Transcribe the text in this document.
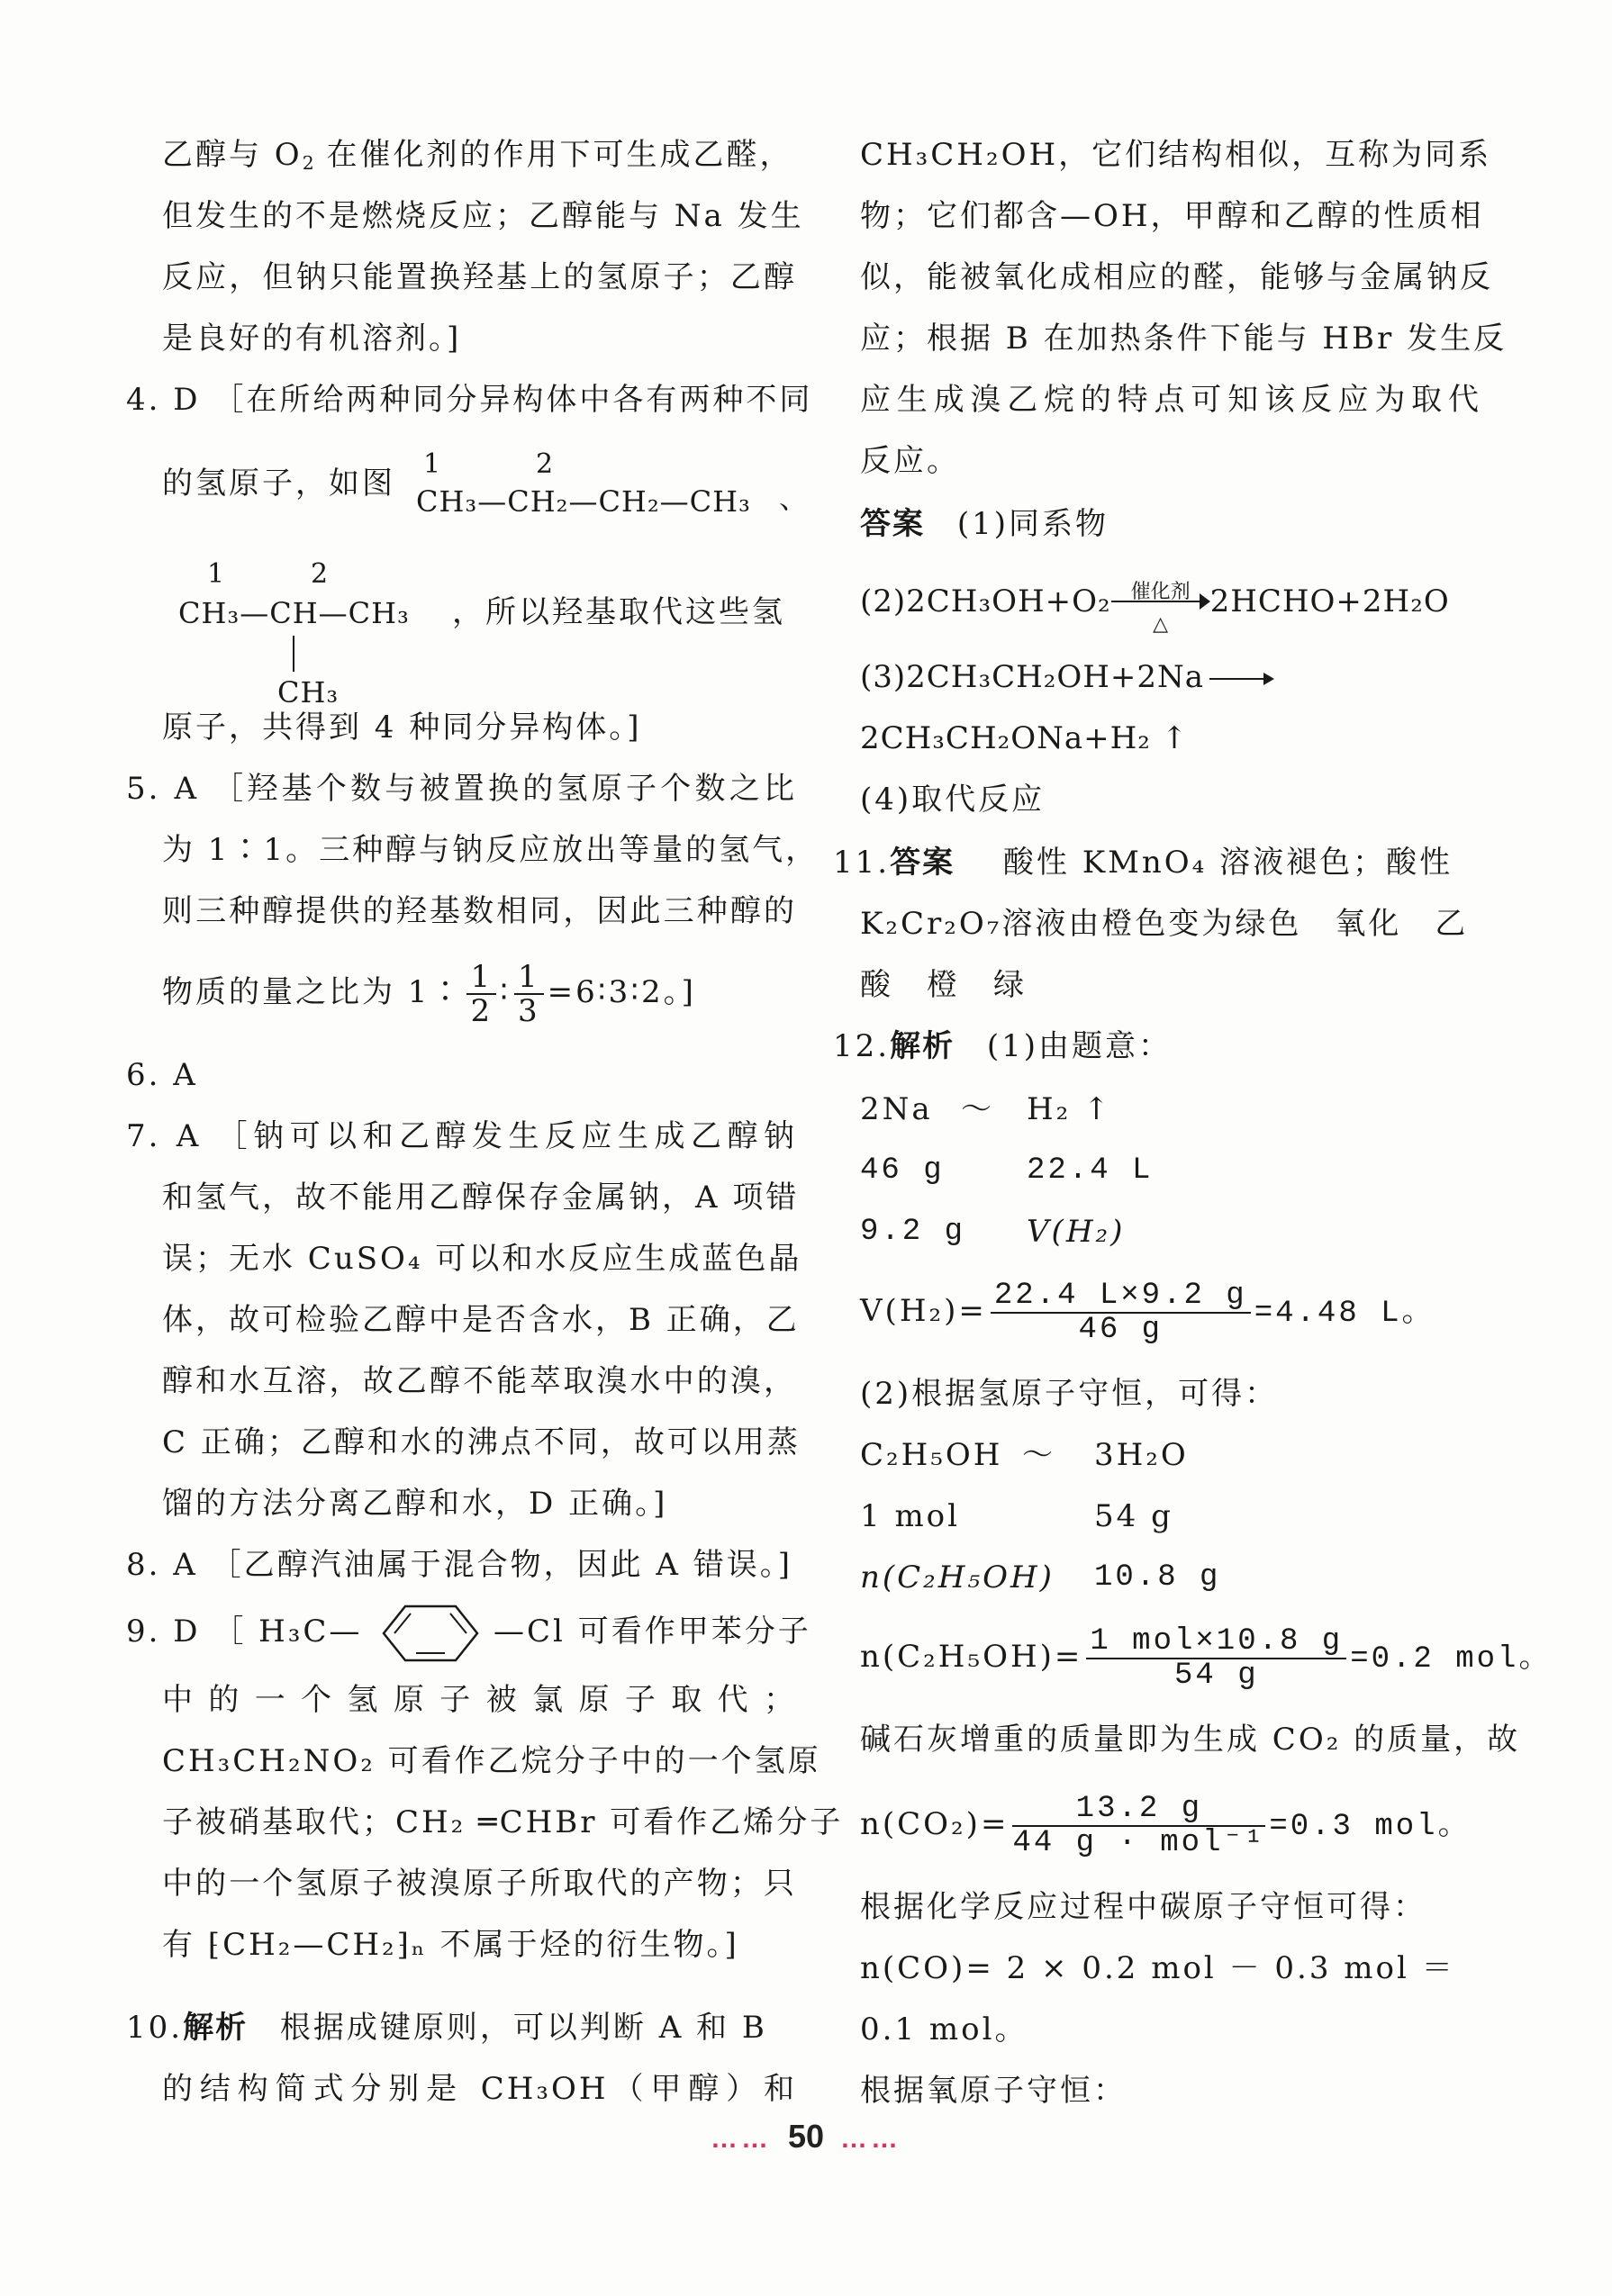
乙醇与 $O_2$ 在催化剂的作用下可生成乙醛，
但发生的不是燃烧反应；乙醇能与 Na 发生
反应，但钠只能置换羟基上的氢原子；乙醇
是良好的有机溶剂。]
4. D ［在所给两种同分异构体中各有两种不同
的氢原子，如图
1	2
CH₃—CH₂—CH₂—CH₃ 、
1	2
CH₃—CH—CH₃
CH₃
，所以羟基取代这些氢
原子，共得到 4 种同分异构体。]
5. A ［羟基个数与被置换的氢原子个数之比
为 1∶1。三种醇与钠反应放出等量的氢气，
则三种醇提供的羟基数相同，因此三种醇的
物质的量之比为 1∶ $\frac{1}{2}$ ∶ $\frac{1}{3}$ =6∶3∶2。]
6. A
7. A ［钠可以和乙醇发生反应生成乙醇钠
和氢气，故不能用乙醇保存金属钠，A 项错
误；无水 CuSO₄ 可以和水反应生成蓝色晶
体，故可检验乙醇中是否含水，B 正确，乙
醇和水互溶，故乙醇不能萃取溴水中的溴，
C 正确；乙醇和水的沸点不同，故可以用蒸
馏的方法分离乙醇和水，D 正确。]
8. A ［乙醇汽油属于混合物，因此 A 错误。]
9. D ［ H₃C—	—Cl 可看作甲苯分子
中的一个氢原子被氯原子取代；
CH₃CH₂NO₂ 可看作乙烷分子中的一个氢原
子被硝基取代；CH₂ ═CHBr 可看作乙烯分子
中的一个氢原子被溴原子所取代的产物；只
有 ⁅CH₂—CH₂⁆ₙ 不属于烃的衍生物。]
10.解析 根据成键原则，可以判断 A 和 B
的结构简式分别是 CH₃OH（甲醇）和
CH₃CH₂OH，它们结构相似，互称为同系
物；它们都含—OH，甲醇和乙醇的性质相
似，能被氧化成相应的醛，能够与金属钠反
应；根据 B 在加热条件下能与 HBr 发生反
应生成溴乙烷的特点可知该反应为取代
反应。
答案 (1)同系物
(2)2CH₃OH+O₂ 催化剂
△
2HCHO+2H₂O
(3)2CH₃CH₂OH+2Na →
2CH₃CH₂ONa+H₂ ↑
(4)取代反应
11.答案 酸性 KMnO₄ 溶液褪色；酸性
K₂Cr₂O₇溶液由橙色变为绿色　氧化　乙
酸　橙　绿
12.解析 (1)由题意：
2Na ～ H₂ ↑
46 g	22.4 L
9.2 g V(H₂)
$V(H_2)= \frac{22.4 L\times 9.2 g}{46 g} =4.48$ L。
(2)根据氢原子守恒，可得：
C₂H₅OH ～ 3H₂O
1 mol	54 g
n(C₂H₅OH) 10.8 g
$n(C_2H_5OH)= \frac{\text{1 mol×10.8 g}}{54 g} =0.2$ mol。
碱石灰增重的质量即为生成 CO₂ 的质量，故
$n(CO_2)= \frac{13.2 g}{\text{44 g · mol⁻¹}} =0.3$ mol。
根据化学反应过程中碳原子守恒可得：
n(CO)= 2 × 0.2 mol － 0.3 mol ＝
0.1 mol。
根据氧原子守恒：
…… 50 ……
